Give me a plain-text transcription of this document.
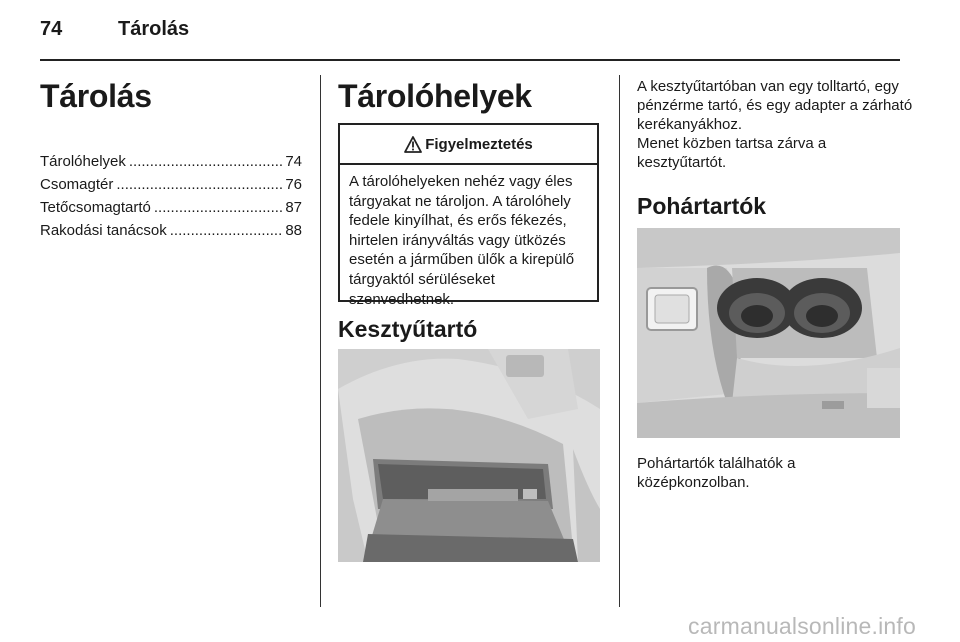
74	Tárolás
Tárolás
Tárolóhelyek .....	74
Csomagtér .....	76
Tetőcsomagtartó .....	87
Rakodási tanácsok .....	88
Tárolóhelyek
Figyelmeztetés
A tárolóhelyeken nehéz vagy éles tárgyakat ne tároljon. A tárolóhely fedele kinyílhat, és erős fékezés, hirtelen irányváltás vagy ütközés esetén a járműben ülők a kirepülő tárgyaktól sérüléseket szenvedhetnek.
Kesztyűtartó
A kesztyűtartóban van egy tolltartó, egy pénzérme tartó, és egy adapter a zárható kerékanyákhoz.
Menet közben tartsa zárva a kesztyűtartót.
Pohártartók
Pohártartók találhatók a középkonzolban.
carmanualsonline.info
